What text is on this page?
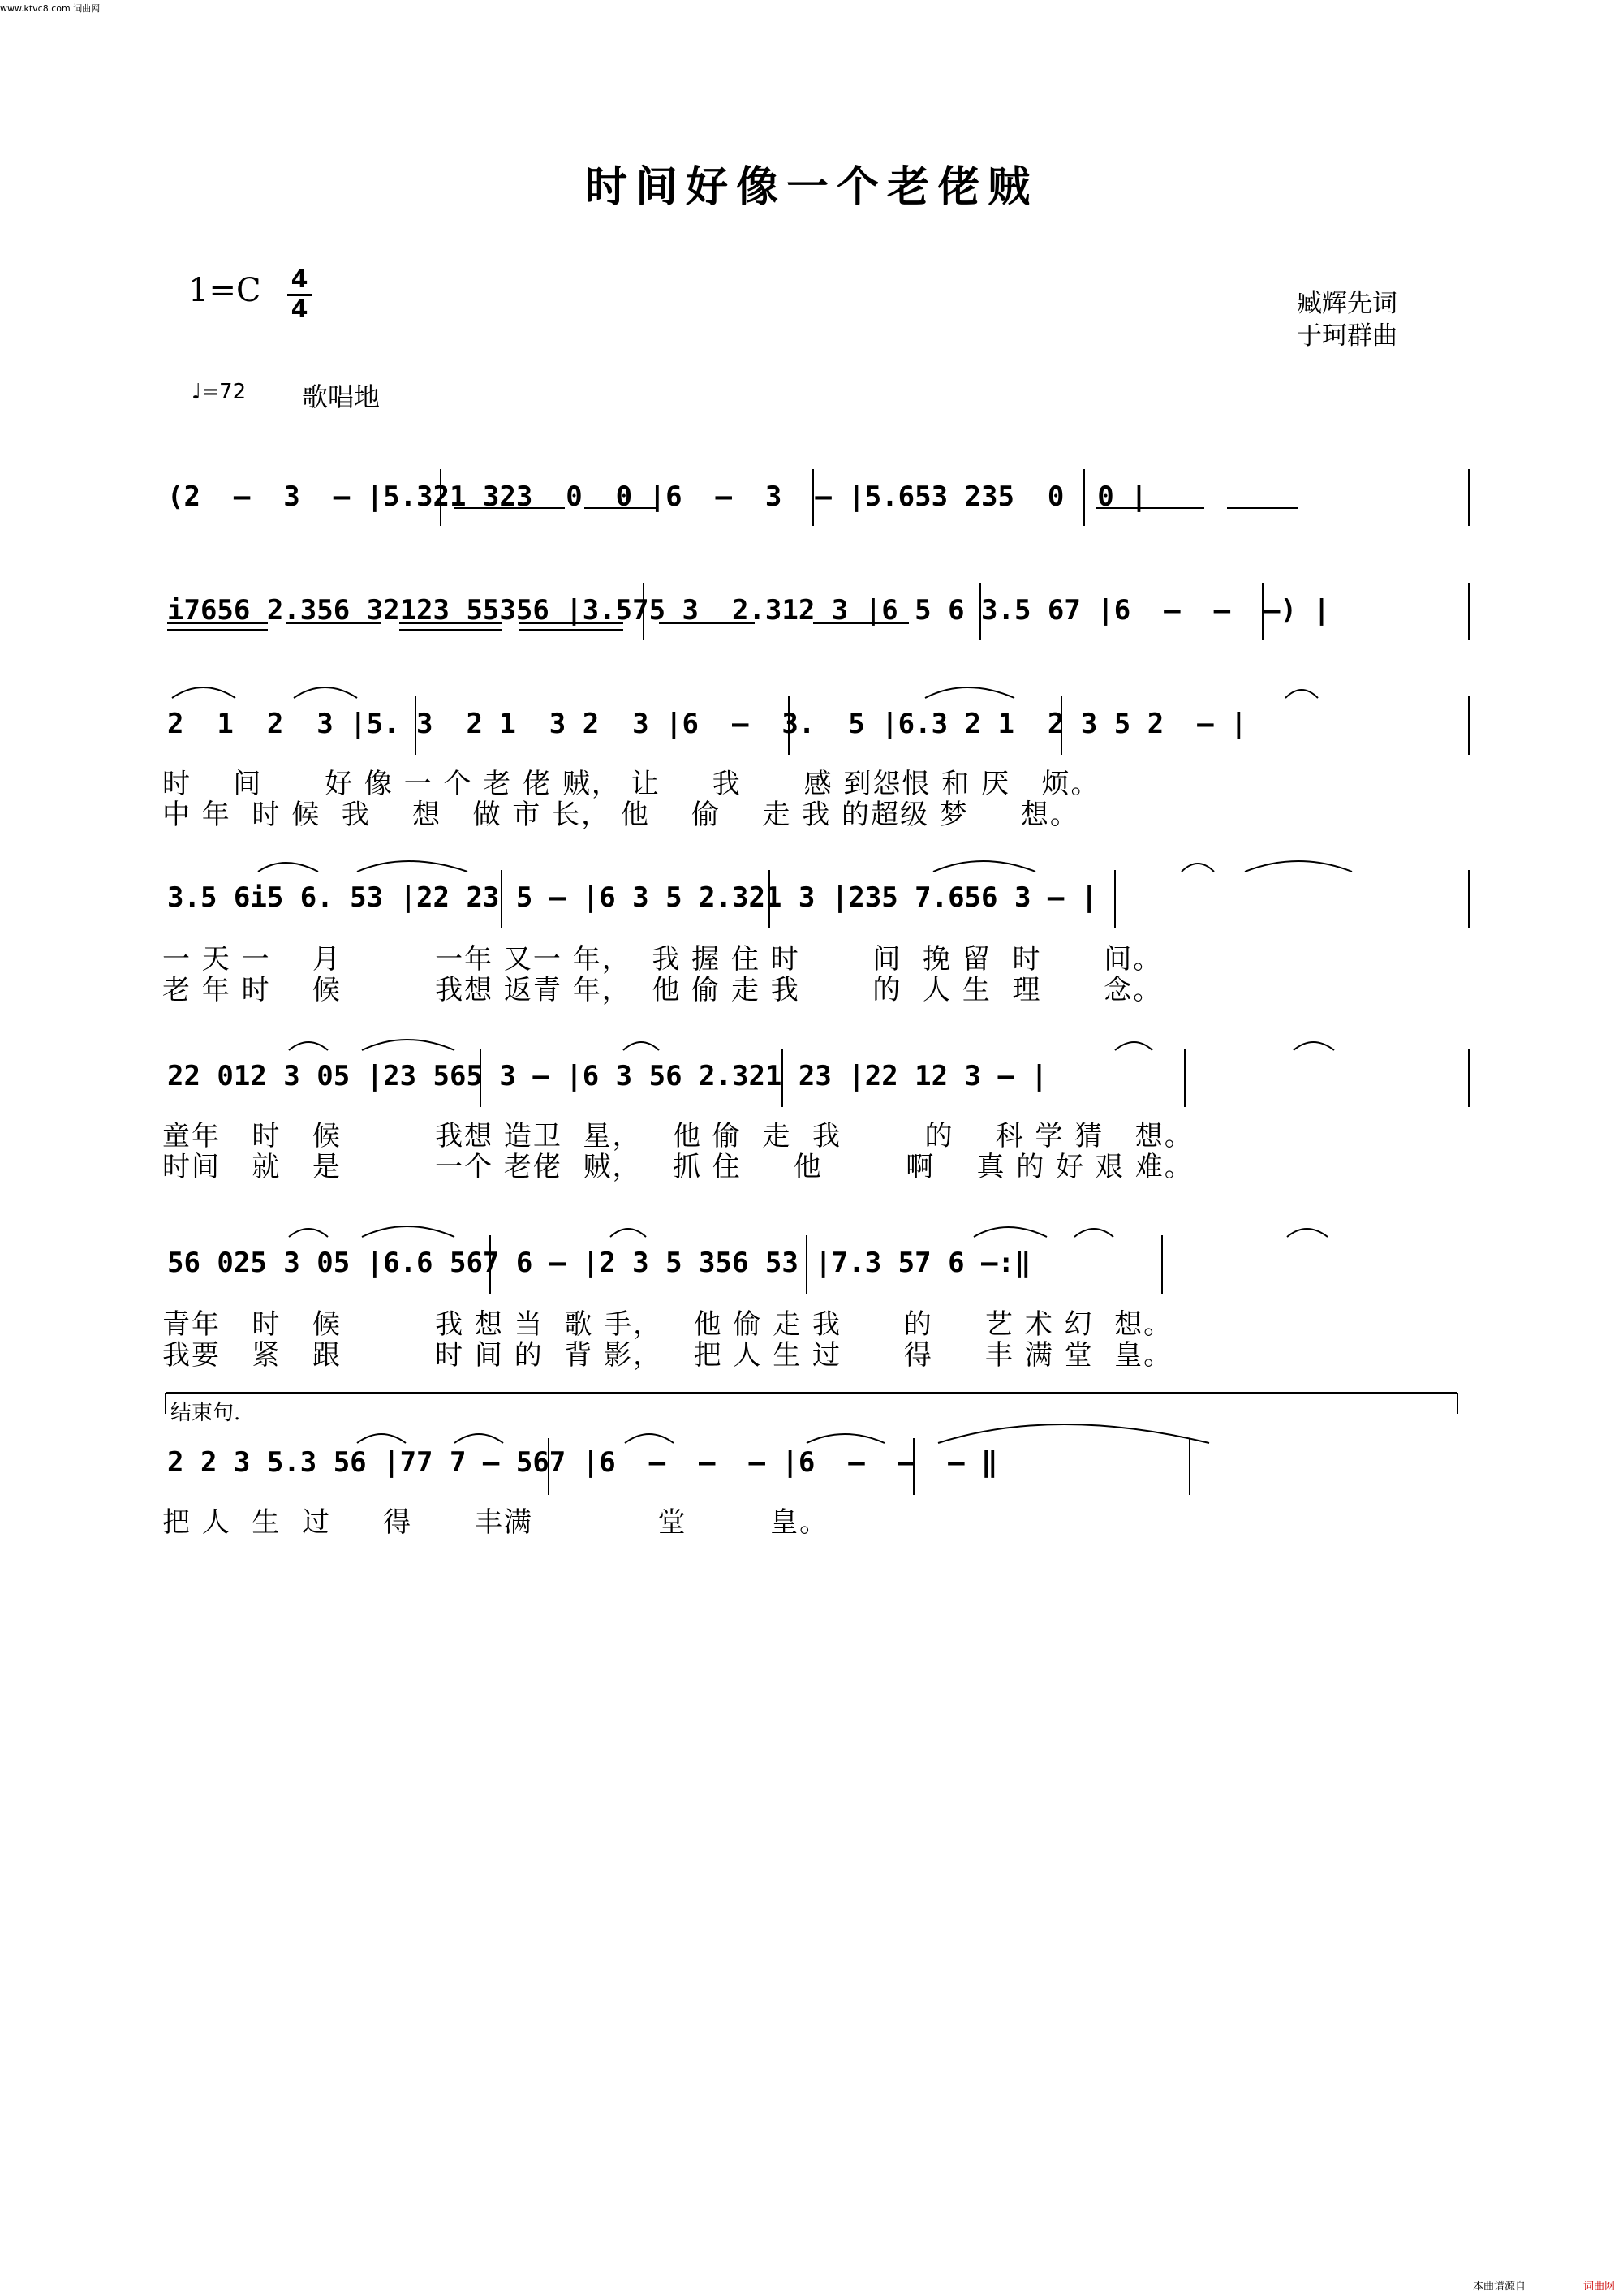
www.ktvc8.com 词曲网
时间好像一个老佬贼
1=C 4
4	臧辉先词
于珂群曲
♩=72 歌唱地
(2  –  3  – |5.321 323  0  0 |6  –  3  – |5.653 235  0  0 |
i7656 2.356 32123 55356 |3.575 3  2.312 3 |6 5 6 3.5 67 |6  –  –  –) |
2  1  2  3 |5. 3  2 1  3 2  3 |6  –  3.  5 |6.3 2 1  2 3 5 2  – |
时    间      好 像 一 个 老 佬 贼， 让     我      感 到怨恨 和 厌   烦。
中 年  时 候  我    想   做 市 长， 他    偷    走 我 的超级 梦     想。
3.5 6i5 6. 53 |22 23 5 – |6 3 5 2.321 3 |235 7.656 3 – |
一 天 一    月         一年 又一 年，  我 握 住 时       间  挽 留  时      间。
老 年 时    候         我想 返青 年，  他 偷 走 我       的  人 生  理      念。
22 012 3 05 |23 565 3 – |6 3 56 2.321 23 |22 12 3 – |
童年   时   候         我想 造卫  星，   他 偷  走  我        的    科 学 猜   想。
时间   就   是         一个 老佬  贼，   抓 住     他        啊    真 的 好 艰 难。
56 025 3 05 |6.6 567 6 – |2 3 5 356 53 |7.3 57 6 –:‖
青年   时   候         我 想 当  歌 手，   他 偷 走 我      的     艺 术 幻  想。
我要   紧   跟         时 间 的  背 影，   把 人 生 过      得     丰 满 堂  皇。
结束句.
2 2 3 5.3 56 |77 7 – 567 |6  –  –  – |6  –  –  – ‖
把 人  生  过     得      丰满            堂        皇。
本曲谱源自	词曲网
